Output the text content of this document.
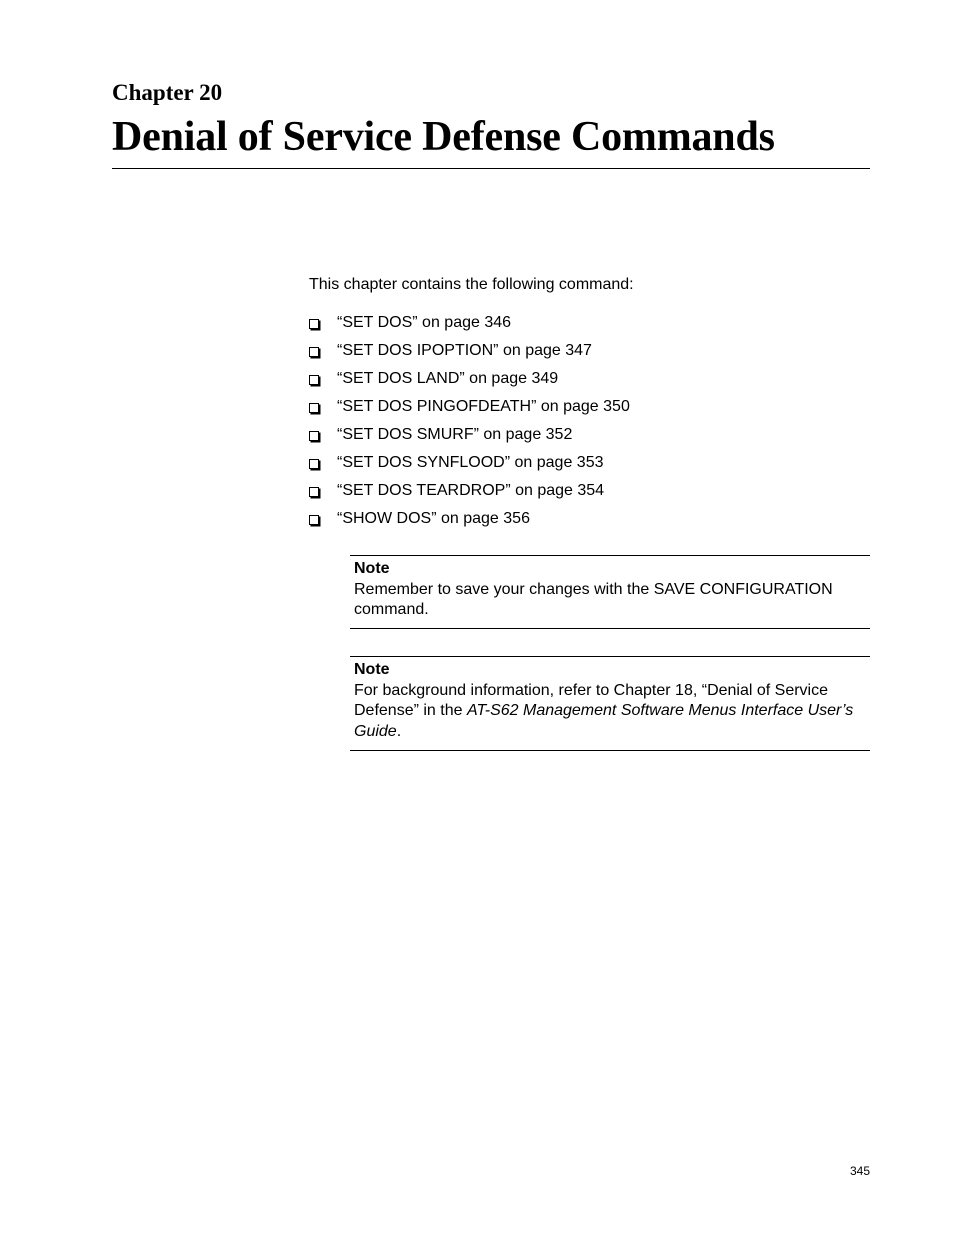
Chapter 20
Denial of Service Defense Commands
This chapter contains the following command:
“SET DOS” on page 346
“SET DOS IPOPTION” on page 347
“SET DOS LAND” on page 349
“SET DOS PINGOFDEATH” on page 350
“SET DOS SMURF” on page 352
“SET DOS SYNFLOOD” on page 353
“SET DOS TEARDROP” on page 354
“SHOW DOS” on page 356
Note
Remember to save your changes with the SAVE CONFIGURATION command.
Note
For background information, refer to Chapter 18, “Denial of Service Defense” in the AT-S62 Management Software Menus Interface User’s Guide.
345
